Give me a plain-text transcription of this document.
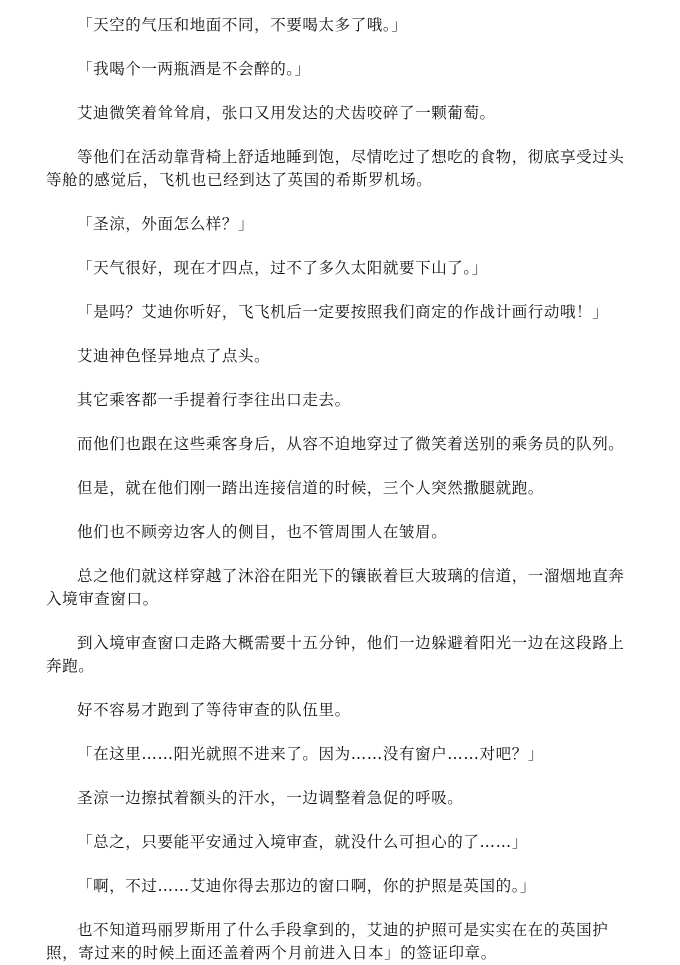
「天空的气压和地面不同，不要喝太多了哦。」

「我喝个一两瓶酒是不会醉的。」

艾迪微笑着耸耸肩，张口又用发达的犬齿咬碎了一颗葡萄。

等他们在活动靠背椅上舒适地睡到饱，尽情吃过了想吃的食物，彻底享受过头等舱的感觉后，飞机也已经到达了英国的希斯罗机场。

「圣涼，外面怎么样？」

「天气很好，现在才四点，过不了多久太阳就要下山了。」

「是吗？艾迪你听好，飞飞机后一定要按照我们商定的作战计画行动哦！」

艾迪神色怪异地点了点头。

其它乘客都一手提着行李往出口走去。

而他们也跟在这些乘客身后，从容不迫地穿过了微笑着送别的乘务员的队列。

但是，就在他们刚一踏出连接信道的时候，三个人突然撒腿就跑。

他们也不顾旁边客人的侧目，也不管周围人在皱眉。

总之他们就这样穿越了沐浴在阳光下的镶嵌着巨大玻璃的信道，一溜烟地直奔入境审查窗口。

到入境审查窗口走路大概需要十五分钟，他们一边躲避着阳光一边在这段路上奔跑。

好不容易才跑到了等待审查的队伍里。

「在这里……阳光就照不进来了。因为……没有窗户……对吧？」

圣涼一边擦拭着额头的汗水，一边调整着急促的呼吸。

「总之，只要能平安通过入境审查，就没什么可担心的了……」

「啊，不过……艾迪你得去那边的窗口啊，你的护照是英国的。」

也不知道玛丽罗斯用了什么手段拿到的，艾迪的护照可是实实在在的英国护照，寄过来的时候上面还盖着两个月前进入日本」的签证印章。
